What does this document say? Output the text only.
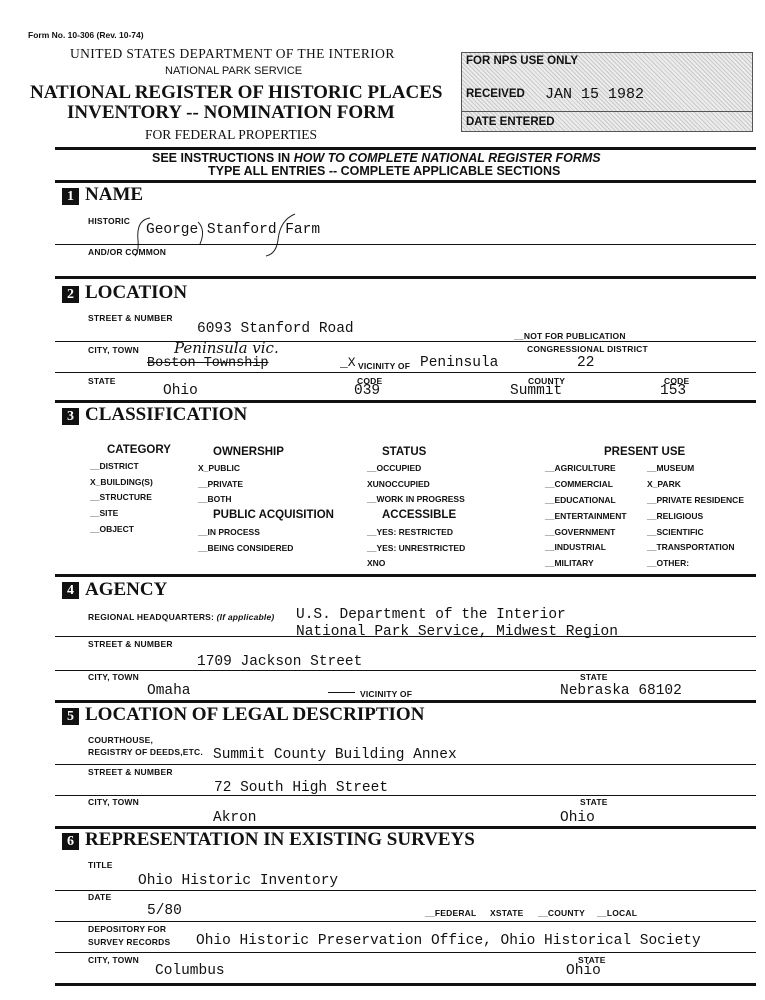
Form No. 10-306 (Rev. 10-74)
UNITED STATES DEPARTMENT OF THE INTERIOR
NATIONAL PARK SERVICE
NATIONAL REGISTER OF HISTORIC PLACES
INVENTORY -- NOMINATION FORM
FOR FEDERAL PROPERTIES
FOR NPS USE ONLY
RECEIVED JAN 15 1982
DATE ENTERED
SEE INSTRUCTIONS IN HOW TO COMPLETE NATIONAL REGISTER FORMS
TYPE ALL ENTRIES -- COMPLETE APPLICABLE SECTIONS
1 NAME
HISTORIC
George Stanford Farm
AND/OR COMMON
2 LOCATION
STREET & NUMBER
6093 Stanford Road	__NOT FOR PUBLICATION
CITY, TOWN Peninsula vic.
Boston Township	_X VICINITY OF Peninsula
CONGRESSIONAL DISTRICT
22
STATE
Ohio
CODE
039
COUNTY
Summit
CODE
153
3 CLASSIFICATION
CATEGORY
__DISTRICT
X_BUILDING(S)
__STRUCTURE
__SITE
__OBJECT
OWNERSHIP
X_PUBLIC
__PRIVATE
__BOTH
PUBLIC ACQUISITION
__IN PROCESS
__BEING CONSIDERED
STATUS
__OCCUPIED
XUNOCCUPIED
__WORK IN PROGRESS
ACCESSIBLE
__YES: RESTRICTED
__YES: UNRESTRICTED
XNO
PRESENT USE
__AGRICULTURE
__COMMERCIAL
__EDUCATIONAL
__ENTERTAINMENT
__GOVERNMENT
__INDUSTRIAL
__MILITARY
__MUSEUM
X_PARK
__PRIVATE RESIDENCE
__RELIGIOUS
__SCIENTIFIC
__TRANSPORTATION
__OTHER:
4 AGENCY
REGIONAL HEADQUARTERS: (If applicable) U.S. Department of the Interior
National Park Service, Midwest Region
STREET & NUMBER
1709 Jackson Street
CITY, TOWN
Omaha	VICINITY OF
STATE
Nebraska 68102
5 LOCATION OF LEGAL DESCRIPTION
COURTHOUSE,
REGISTRY OF DEEDS,ETC. Summit County Building Annex
STREET & NUMBER
72 South High Street
CITY, TOWN
Akron
STATE
Ohio
6 REPRESENTATION IN EXISTING SURVEYS
TITLE
Ohio Historic Inventory
DATE
5/80	__FEDERAL XSTATE __COUNTY __LOCAL
DEPOSITORY FOR
SURVEY RECORDS Ohio Historic Preservation Office, Ohio Historical Society
CITY, TOWN
Columbus
STATE
Ohio
